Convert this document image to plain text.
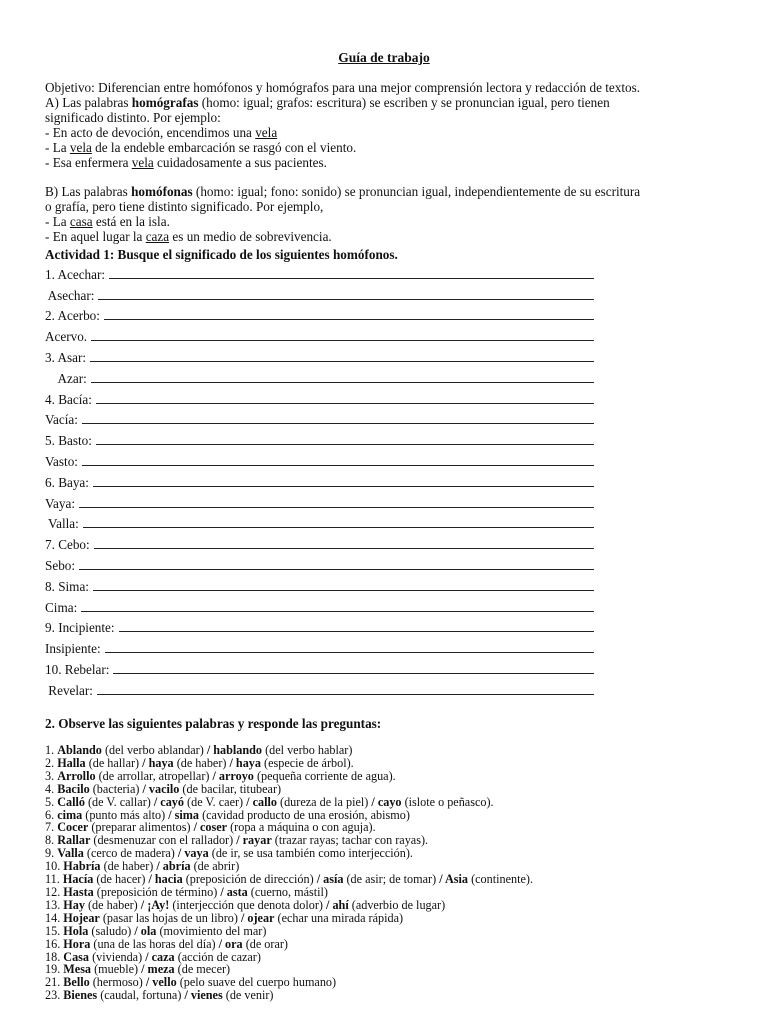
Guía de trabajo

Objetivo: Diferencian entre homófonos y homógrafos para una mejor comprensión lectora y redacción de textos.

A) Las palabras homógrafas (homo: igual; grafos: escritura) se escriben y se pronuncian igual, pero tienen

significado distinto. Por ejemplo:

- En acto de devoción, encendimos una vela

- La vela de la endeble embarcación se rasgó con el viento.

- Esa enfermera vela cuidadosamente a sus pacientes.

B) Las palabras homófonas (homo: igual; fono: sonido) se pronuncian igual, independientemente de su escritura

o grafía, pero tiene distinto significado. Por ejemplo,

- La casa está en la isla.

- En aquel lugar la caza es un medio de sobrevivencia.

Actividad 1: Busque el significado de los siguientes homófonos.
1. Acechar:
Asechar:
2. Acerbo:
Acervo.
3. Asar:
Azar:
4. Bacía:
Vacía:
5. Basto:
Vasto:
6. Baya:
Vaya:
Valla:
7. Cebo:
Sebo:
8. Sima:
Cima:
9. Incipiente:
Insipiente:
10. Rebelar:
Revelar:
2. Observe las siguientes palabras y responde las preguntas:
1. Ablando (del verbo ablandar) / hablando (del verbo hablar)
2. Halla (de hallar) / haya (de haber) / haya (especie de árbol).
3. Arrollo (de arrollar, atropellar) / arroyo (pequeña corriente de agua).
4. Bacilo (bacteria) / vacilo (de bacilar, titubear)
5. Calló (de V. callar) / cayó (de V. caer) / callo (dureza de la piel) / cayo (islote o peñasco).
6. cima (punto más alto) / sima (cavidad producto de una erosión, abismo)
7. Cocer (preparar alimentos) / coser (ropa a máquina o con aguja).
8. Rallar (desmenuzar con el rallador) / rayar (trazar rayas; tachar con rayas).
9. Valla (cerco de madera) / vaya (de ir, se usa también como interjección).
10. Habría (de haber) / abría (de abrir)
11. Hacía (de hacer) / hacia (preposición de dirección) / asía (de asir; de tomar) / Asia (continente).
12. Hasta (preposición de término) / asta (cuerno, mástil)
13. Hay (de haber) / ¡Ay! (interjección que denota dolor) / ahí (adverbio de lugar)
14. Hojear (pasar las hojas de un libro) / ojear (echar una mirada rápida)
15. Hola (saludo) / ola (movimiento del mar)
16. Hora (una de las horas del día) / ora (de orar)
18. Casa (vivienda) / caza (acción de cazar)
19. Mesa (mueble) / meza (de mecer)
21. Bello (hermoso) / vello (pelo suave del cuerpo humano)
23. Bienes (caudal, fortuna) / vienes (de venir)
